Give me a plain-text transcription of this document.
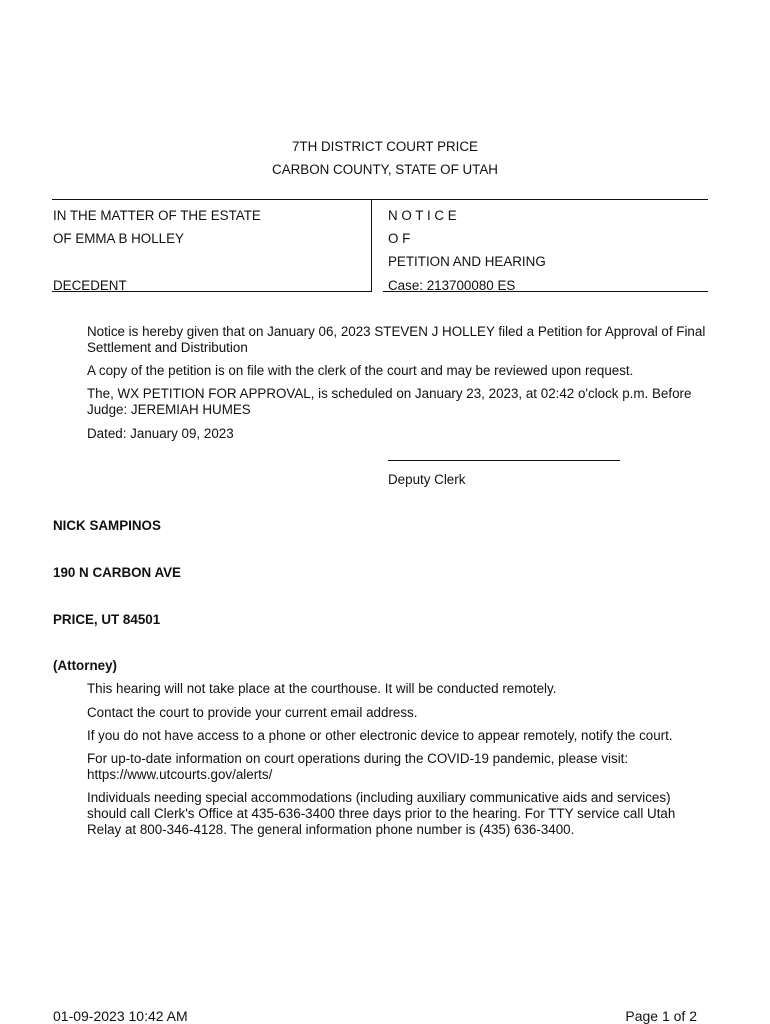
7TH DISTRICT COURT PRICE
CARBON COUNTY, STATE OF UTAH
IN THE MATTER OF THE ESTATE
OF EMMA B HOLLEY
DECEDENT
N O T I C E
O F
PETITION AND HEARING
Case: 213700080 ES
Notice is hereby given that on January 06, 2023 STEVEN J HOLLEY filed a Petition for Approval of Final Settlement and Distribution
A copy of the petition is on file with the clerk of the court and may be reviewed upon request.
The, WX PETITION FOR APPROVAL, is scheduled on January 23, 2023, at 02:42 o'clock p.m. Before Judge: JEREMIAH HUMES
Dated: January 09, 2023
Deputy Clerk
NICK SAMPINOS
190 N CARBON AVE
PRICE, UT 84501
(Attorney)
This hearing will not take place at the courthouse. It will be conducted remotely.
Contact the court to provide your current email address.
If you do not have access to a phone or other electronic device to appear remotely, notify the court.
For up-to-date information on court operations during the COVID-19 pandemic, please visit: https://www.utcourts.gov/alerts/
Individuals needing special accommodations (including auxiliary communicative aids and services) should call Clerk's Office at 435-636-3400 three days prior to the hearing. For TTY service call Utah Relay at 800-346-4128. The general information phone number is (435) 636-3400.
01-09-2023 10:42 AM	Page 1 of 2
